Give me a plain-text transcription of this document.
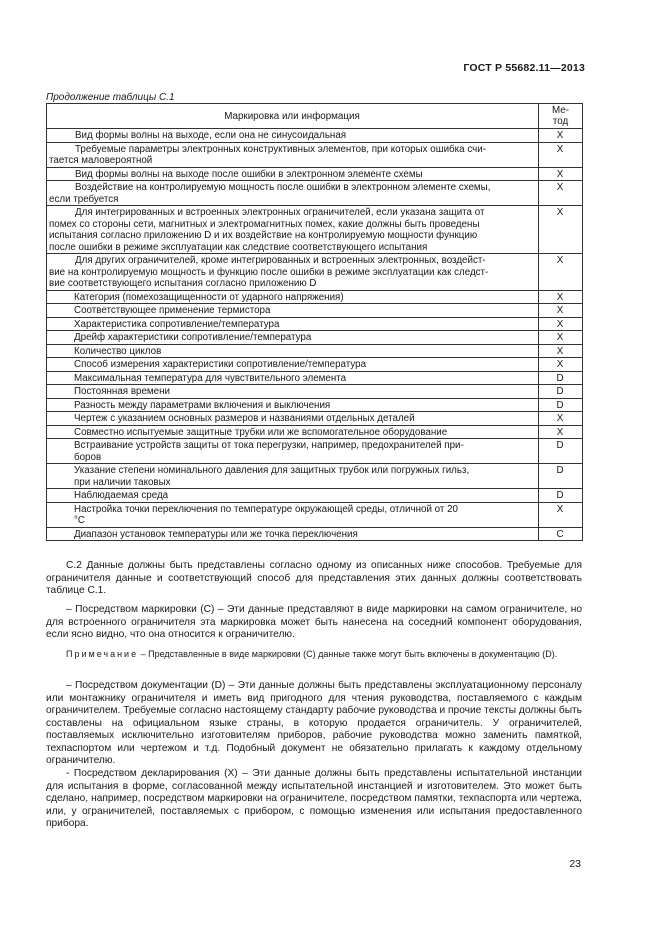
ГОСТ Р 55682.11—2013
Продолжение таблицы С.1
Маркировка или информация	Ме-
тод
Вид формы волны на выходе, если она не синусоидальная	X
Требуемые параметры электронных конструктивных элементов, при которых ошибка счи-
тается маловероятной	X
Вид формы волны на выходе после ошибки в электронном элементе схемы	X
Воздействие на контролируемую мощность после ошибки в электронном элементе схемы,
если требуется	X
Для интегрированных и встроенных электронных ограничителей, если указана защита от
помех со стороны сети, магнитных и электромагнитных помех, какие должны быть проведены
испытания согласно приложению D и их воздействие на контролируемую мощности функцию
после ошибки в режиме эксплуатации как следствие соответствующего испытания	X
Для других ограничителей, кроме интегрированных и встроенных электронных, воздейст-
вие на контролируемую мощность и функцию после ошибки в режиме эксплуатации как следст-
вие соответствующего испытания согласно приложению D	X
Категория (помехозащищенности от ударного напряжения)	X
Соответствующее применение термистора	X
Характеристика сопротивление/температура	X
Дрейф характеристики сопротивление/температура	X
Количество циклов	X
Способ измерения характеристики сопротивление/температура	X
Максимальная температура для чувствительного элемента	D
Постоянная времени	D
Разность между параметрами включения и выключения	D
Чертеж с указанием основных размеров и названиями отдельных деталей	X
Совместно испытуемые защитные трубки или же вспомогательное оборудование	X
Встраивание устройств защиты от тока перегрузки, например, предохранителей при-
боров	D
Указание степени номинального давления для защитных трубок или погружных гильз,
при наличии таковых	D
Наблюдаемая среда	D
Настройка точки переключения по температуре окружающей среды, отличной от 20
°С	X
Диапазон установок температуры или же точка переключения	C

С.2 Данные должны быть представлены согласно одному из описанных ниже способов. Требуемые для ограничителя данные и соответствующий способ для представления этих данных должны соответствовать таблице С.1.

– Посредством маркировки (С) – Эти данные представляют в виде маркировки на самом ограничителе, но для встроенного ограничителя эта маркировка может быть нанесена на соседний компонент оборудования, если ясно видно, что она относится к ограничителю.

Примечание – Представленные в виде маркировки (С) данные также могут быть включены в документацию (D).

– Посредством документации (D) – Эти данные должны быть представлены эксплуатационному персоналу или монтажнику ограничителя и иметь вид пригодного для чтения руководства, поставляемого с каждым ограничителем. Требуемые согласно настоящему стандарту рабочие руководства и прочие тексты должны быть составлены на официальном языке страны, в которую продается ограничитель. У ограничителей, поставляемых исключительно изготовителям приборов, рабочие руководства можно заменить памяткой, техпаспортом или чертежом и т.д. Подобный документ не обязательно прилагать к каждому отдельному ограничителю.

- Посредством декларирования (X) – Эти данные должны быть представлены испытательной инстанции для испытания в форме, согласованной между испытательной инстанцией и изготовителем. Это может быть сделано, например, посредством маркировки на ограничителе, посредством памятки, техпаспорта или чертежа, или, у ограничителей, поставляемых с прибором, с помощью изменения или испытания предоставленного прибора.

23
